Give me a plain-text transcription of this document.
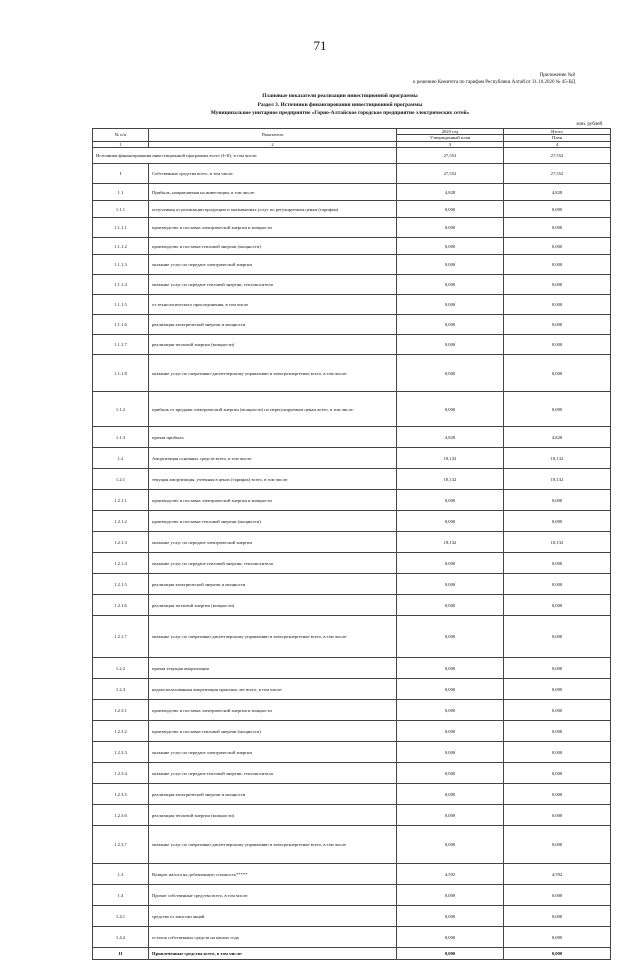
71
Приложение №8
к решению Комитета по тарифам Республики Алтай от 31.10.2020 № 45-ВД
Плановые показатели реализации инвестиционной программы
Раздел 3. Источники финансирования инвестиционной программы
Муниципальное унитарное предприятие «Горно-Алтайское городское предприятие электрических сетей»
млн. рублей
№ п/п	Показатель	2020 год	Итого
		Утвержденный план	План
1	2	3	4
Источники финансирования инвестиционной программы всего (I+II), в том числе:		27,552	27,552
I	Собственные средства всего, в том числе:	27,552	27,552
1.1	Прибыль, направляемая на инвестиции, в том числе:	4,828	4,828
1.1.1	полученная от реализации продукции и оказываемых услуг по регулируемым ценам (тарифам)	0,000	0,000
1.1.1.1	производство и поставка электрической энергии и мощности	0,000	0,000
1.1.1.2	производство и поставка тепловой энергии (мощности)	0,000	0,000
1.1.1.3	оказание услуг по передаче электрической энергии	0,000	0,000
1.1.1.4	оказание услуг по передаче тепловой энергии, теплоносителя	0,000	0,000
1.1.1.5	от технологического присоединения, в том числе	0,000	0,000
1.1.1.6	реализация электрической энергии и мощности	0,000	0,000
1.1.1.7	реализация тепловой энергии (мощности)	0,000	0,000
1.1.1.8	оказание услуг по оперативно-диспетчерскому управлению в электроэнергетике всего, в том числе:	0,000	0,000
1.1.2	прибыль от продажи электрической энергии (мощности) по нерегулируемым ценам всего, в том числе:	0,000	0,000
1.1.3	прочая прибыль	4,828	4,828
1.2	Амортизация основных средств всего, в том числе:	18,132	18,132
1.2.1	текущая амортизация, учтенная в ценах (тарифах) всего, в том числе:	18,132	18,132
1.2.1.1	производство и поставка электрической энергии и мощности	0,000	0,000
1.2.1.2	производство и поставка тепловой энергии (мощности)	0,000	0,000
1.2.1.3	оказание услуг по передаче электрической энергии	18,132	18,132
1.2.1.4	оказание услуг по передаче тепловой энергии, теплоносителя	0,000	0,000
1.2.1.5	реализация электрической энергии и мощности	0,000	0,000
1.2.1.6	реализация тепловой энергии (мощности)	0,000	0,000
1.2.1.7	оказание услуг по оперативно-диспетчерскому управлению в электроэнергетике всего, в том числе:	0,000	0,000
1.2.2	прочая текущая амортизация	0,000	0,000
1.2.3	недоиспользованная амортизация прошлых лет всего, в том числе:	0,000	0,000
1.2.3.1	производство и поставка электрической энергии и мощности	0,000	0,000
1.2.3.2	производство и поставка тепловой энергии (мощности)	0,000	0,000
1.2.3.3	оказание услуг по передаче электрической энергии	0,000	0,000
1.2.3.4	оказание услуг по передаче тепловой энергии, теплоносителя	0,000	0,000
1.2.3.5	реализация электрической энергии и мощности	0,000	0,000
1.2.3.6	реализация тепловой энергии (мощности)	0,000	0,000
1.2.3.7	оказание услуг по оперативно-диспетчерскому управлению в электроэнергетике всего, в том числе	0,000	0,000
1.3	Возврат налога на добавленную стоимость*****	4,592	4,592
1.4	Прочие собственные средства всего, в том числе:	0,000	0,000
1.4.1	средства от эмиссии акций	0,000	0,000
1.4.2	остаток собственных средств на начало года	0,000	0,000
II	Привлеченные средства всего, в том числе:	0,000	0,000
